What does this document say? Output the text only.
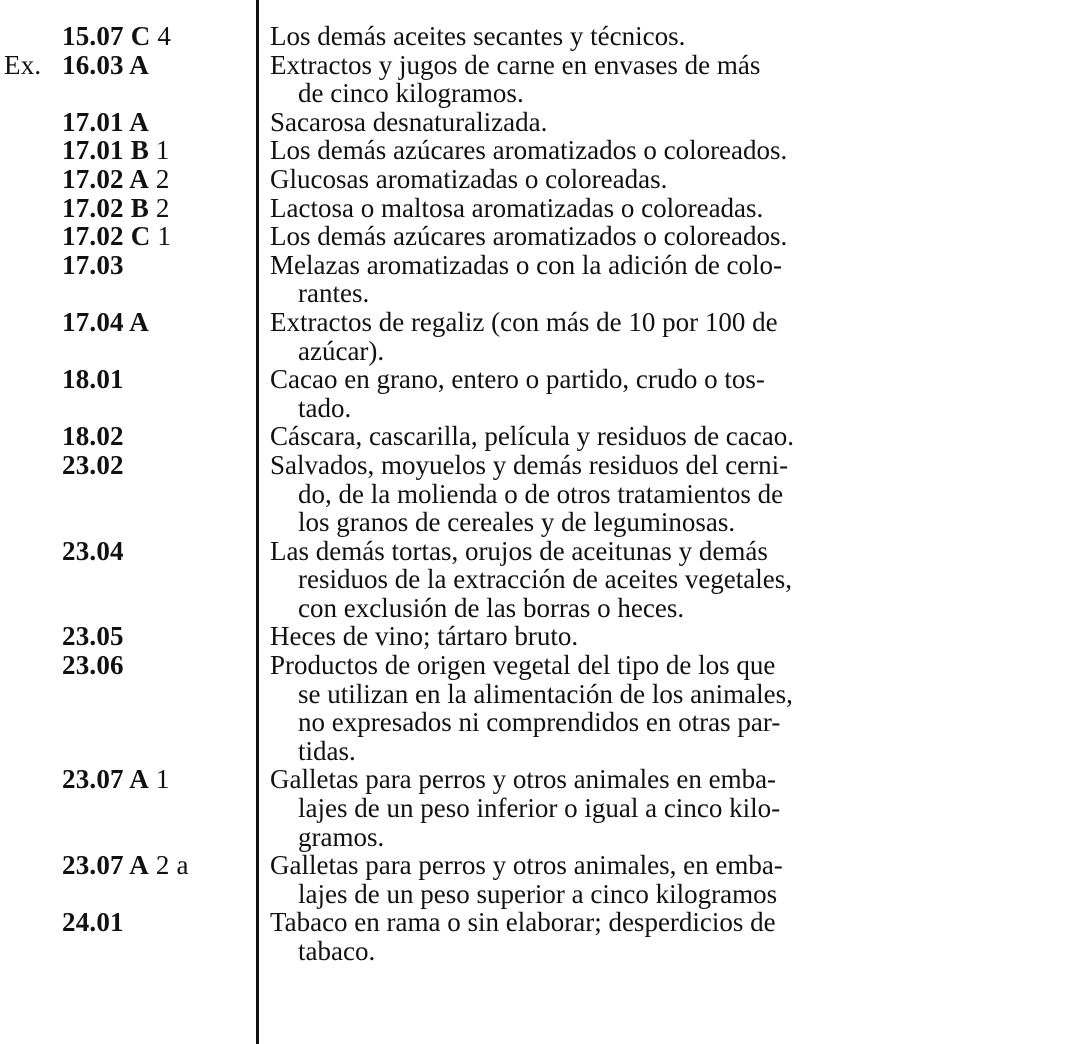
15.07 C 4	Los demás aceites secantes y técnicos.
Ex. 16.03 A	Extractos y jugos de carne en envases de más
de cinco kilogramos.
17.01 A	Sacarosa desnaturalizada.
17.01 B 1	Los demás azúcares aromatizados o coloreados.
17.02 A 2	Glucosas aromatizadas o coloreadas.
17.02 B 2	Lactosa o maltosa aromatizadas o coloreadas.
17.02 C 1	Los demás azúcares aromatizados o coloreados.
17.03	Melazas aromatizadas o con la adición de colo-
rantes.
17.04 A	Extractos de regaliz (con más de 10 por 100 de
azúcar).
18.01	Cacao en grano, entero o partido, crudo o tos-
tado.
18.02	Cáscara, cascarilla, película y residuos de cacao.
23.02	Salvados, moyuelos y demás residuos del cerni-
do, de la molienda o de otros tratamientos de
los granos de cereales y de leguminosas.
23.04	Las demás tortas, orujos de aceitunas y demás
residuos de la extracción de aceites vegetales,
con exclusión de las borras o heces.
23.05	Heces de vino; tártaro bruto.
23.06	Productos de origen vegetal del tipo de los que
se utilizan en la alimentación de los animales,
no expresados ni comprendidos en otras par-
tidas.
23.07 A 1	Galletas para perros y otros animales en emba-
lajes de un peso inferior o igual a cinco kilo-
gramos.
23.07 A 2 a	Galletas para perros y otros animales, en emba-
lajes de un peso superior a cinco kilogramos
24.01	Tabaco en rama o sin elaborar; desperdicios de
tabaco.
